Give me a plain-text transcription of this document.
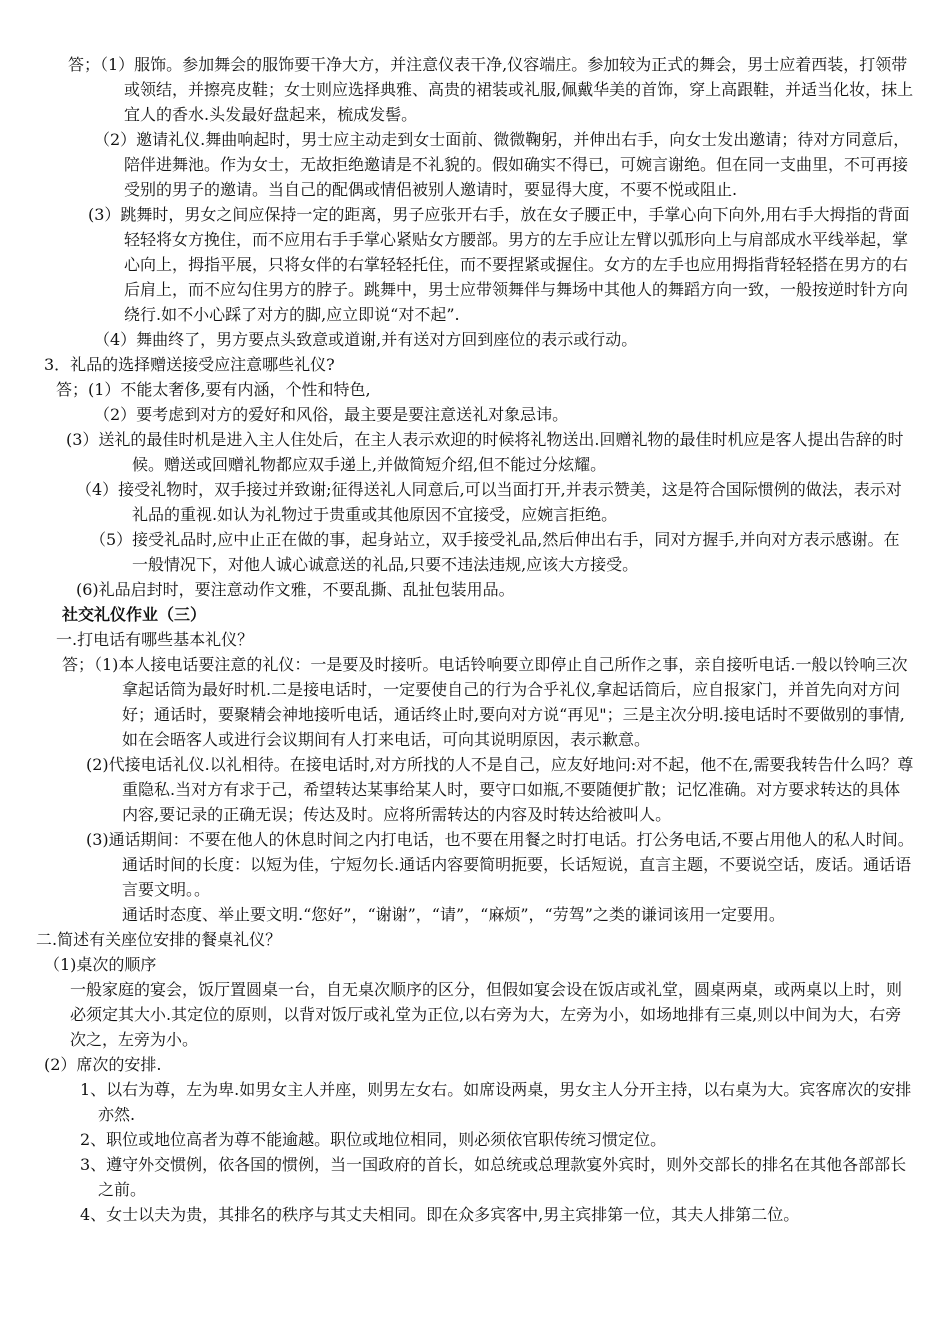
答；（1）服饰。参加舞会的服饰要干净大方，并注意仪表干净,仪容端庄。参加较为正式的舞会，男士应着西装，打领带或领结，并擦亮皮鞋；女士则应选择典雅、高贵的裙装或礼服,佩戴华美的首饰，穿上高跟鞋，并适当化妆，抹上宜人的香水.头发最好盘起来，梳成发髻。

（2）邀请礼仪.舞曲响起时，男士应主动走到女士面前、微微鞠躬，并伸出右手，向女士发出邀请；待对方同意后，陪伴进舞池。作为女士，无故拒绝邀请是不礼貌的。假如确实不得已，可婉言谢绝。但在同一支曲里，不可再接受别的男子的邀请。当自己的配偶或情侣被别人邀请时，要显得大度，不要不悦或阻止.

(3）跳舞时，男女之间应保持一定的距离，男子应张开右手，放在女子腰正中，手掌心向下向外,用右手大拇指的背面轻轻将女方挽住，而不应用右手手掌心紧贴女方腰部。男方的左手应让左臂以弧形向上与肩部成水平线举起，掌心向上，拇指平展，只将女伴的右掌轻轻托住，而不要捏紧或握住。女方的左手也应用拇指背轻轻搭在男方的右后肩上，而不应勾住男方的脖子。跳舞中，男士应带领舞伴与舞场中其他人的舞蹈方向一致，一般按逆时针方向绕行.如不小心踩了对方的脚,应立即说“对不起”.

（4）舞曲终了，男方要点头致意或道谢,并有送对方回到座位的表示或行动。

3．礼品的选择赠送接受应注意哪些礼仪?

答；(1）不能太奢侈,要有内涵，个性和特色,

（2）要考虑到对方的爱好和风俗，最主要是要注意送礼对象忌讳。

(3）送礼的最佳时机是进入主人住处后，在主人表示欢迎的时候将礼物送出.回赠礼物的最佳时机应是客人提出告辞的时候。赠送或回赠礼物都应双手递上,并做简短介绍,但不能过分炫耀。

（4）接受礼物时，双手接过并致谢;征得送礼人同意后,可以当面打开,并表示赞美，这是符合国际惯例的做法，表示对礼品的重视.如认为礼物过于贵重或其他原因不宜接受，应婉言拒绝。

（5）接受礼品时,应中止正在做的事，起身站立，双手接受礼品,然后伸出右手，同对方握手,并向对方表示感谢。在一般情况下，对他人诚心诚意送的礼品,只要不违法违规,应该大方接受。

(6)礼品启封时，要注意动作文雅，不要乱撕、乱扯包装用品。

社交礼仪作业（三）

一.打电话有哪些基本礼仪？

答；（1)本人接电话要注意的礼仪：一是要及时接听。电话铃响要立即停止自己所作之事，亲自接听电话.一般以铃响三次拿起话筒为最好时机.二是接电话时，一定要使自己的行为合乎礼仪,拿起话筒后，应自报家门，并首先向对方问好；通话时，要聚精会神地接听电话，通话终止时,要向对方说“再见"；三是主次分明.接电话时不要做别的事情,如在会晤客人或进行会议期间有人打来电话，可向其说明原因，表示歉意。

(2)代接电话礼仪.以礼相待。在接电话时,对方所找的人不是自己，应友好地问:对不起，他不在,需要我转告什么吗？尊重隐私.当对方有求于己，希望转达某事给某人时，要守口如瓶,不要随便扩散；记忆准确。对方要求转达的具体内容,要记录的正确无误；传达及时。应将所需转达的内容及时转达给被叫人。

(3)通话期间：不要在他人的休息时间之内打电话，也不要在用餐之时打电话。打公务电话,不要占用他人的私人时间。通话时间的长度：以短为佳，宁短勿长.通话内容要简明扼要，长话短说，直言主题，不要说空话，废话。通话语言要文明。。

通话时态度、举止要文明.“您好”，“谢谢”，“请”，“麻烦”，“劳驾”之类的谦词该用一定要用。

二.简述有关座位安排的餐桌礼仪？

（1)桌次的顺序

一般家庭的宴会，饭厅置圆桌一台，自无桌次顺序的区分，但假如宴会设在饭店或礼堂，圆桌两桌，或两桌以上时，则必须定其大小.其定位的原则，以背对饭厅或礼堂为正位,以右旁为大，左旁为小，如场地排有三桌,则以中间为大，右旁次之，左旁为小。

(2）席次的安排.

1、以右为尊，左为卑.如男女主人并座，则男左女右。如席设两桌，男女主人分开主持，以右桌为大。宾客席次的安排亦然.

2、职位或地位高者为尊不能逾越。职位或地位相同，则必须依官职传统习惯定位。

3、遵守外交惯例，依各国的惯例，当一国政府的首长，如总统或总理款宴外宾时，则外交部长的排名在其他各部部长之前。

4、女士以夫为贵，其排名的秩序与其丈夫相同。即在众多宾客中,男主宾排第一位，其夫人排第二位。
